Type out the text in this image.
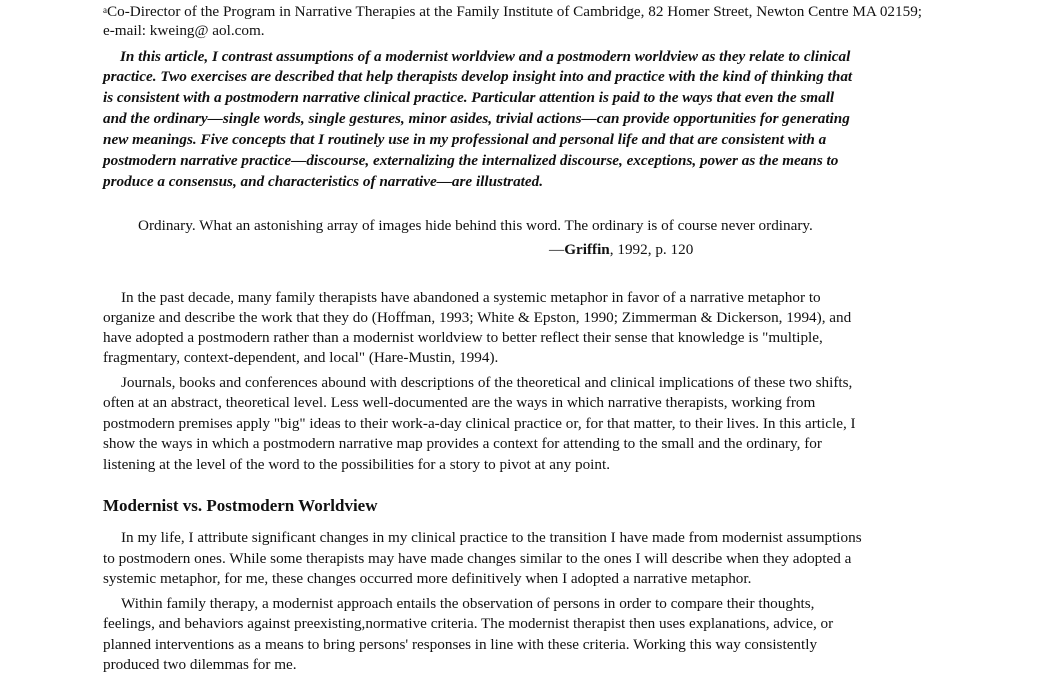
$^a$Co-Director of the Program in Narrative Therapies at the Family Institute of Cambridge, 82 Homer Street, Newton Centre MA 02159;
e-mail: kweing@ aol.com.
In this article, I contrast assumptions of a modernist worldview and a postmodern worldview as they relate to clinical
practice. Two exercises are described that help therapists develop insight into and practice with the kind of thinking that
is consistent with a postmodern narrative clinical practice. Particular attention is paid to the ways that even the small
and the ordinary—single words, single gestures, minor asides, trivial actions—can provide opportunities for generating
new meanings. Five concepts that I routinely use in my professional and personal life and that are consistent with a
postmodern narrative practice—discourse, externalizing the internalized discourse, exceptions, power as the means to
produce a consensus, and characteristics of narrative—are illustrated.
Ordinary. What an astonishing array of images hide behind this word. The ordinary is of course never ordinary.
—Griffin, 1992, p. 120
In the past decade, many family therapists have abandoned a systemic metaphor in favor of a narrative metaphor to
organize and describe the work that they do (Hoffman, 1993; White & Epston, 1990; Zimmerman & Dickerson, 1994), and
have adopted a postmodern rather than a modernist worldview to better reflect their sense that knowledge is "multiple,
fragmentary, context-dependent, and local" (Hare-Mustin, 1994).
Journals, books and conferences abound with descriptions of the theoretical and clinical implications of these two shifts,
often at an abstract, theoretical level. Less well-documented are the ways in which narrative therapists, working from
postmodern premises apply "big" ideas to their work-a-day clinical practice or, for that matter, to their lives. In this article, I
show the ways in which a postmodern narrative map provides a context for attending to the small and the ordinary, for
listening at the level of the word to the possibilities for a story to pivot at any point.
Modernist vs. Postmodern Worldview
In my life, I attribute significant changes in my clinical practice to the transition I have made from modernist assumptions
to postmodern ones. While some therapists may have made changes similar to the ones I will describe when they adopted a
systemic metaphor, for me, these changes occurred more definitively when I adopted a narrative metaphor.
Within family therapy, a modernist approach entails the observation of persons in order to compare their thoughts,
feelings, and behaviors against preexisting,normative criteria. The modernist therapist then uses explanations, advice, or
planned interventions as a means to bring persons' responses in line with these criteria. Working this way consistently
produced two dilemmas for me.
